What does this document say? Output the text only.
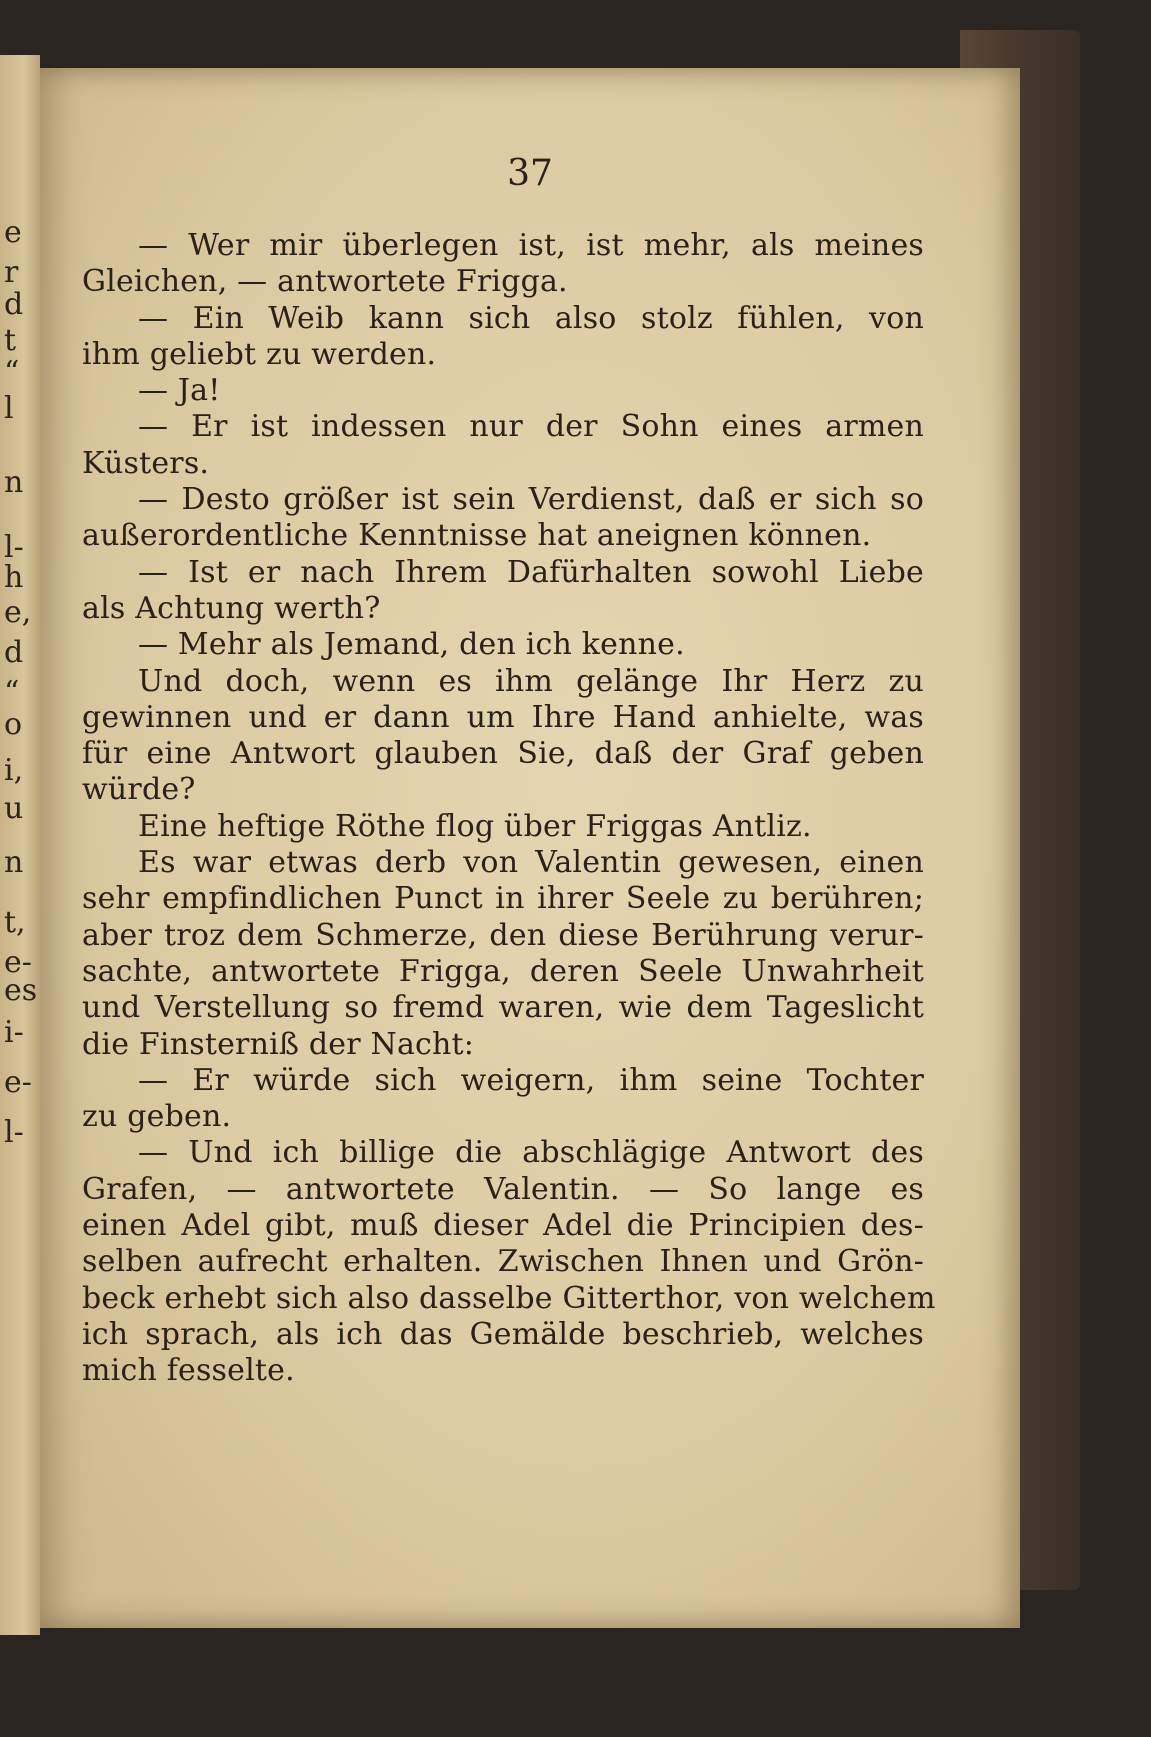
e
r
d
t
“
l
n
l-
h
e,
d
“
o
i,
u
n
t,
e-
es
i-
e-
l-
37
— Wer mir überlegen ist, ist mehr, als meines
Gleichen, — antwortete Frigga.
— Ein Weib kann sich also stolz fühlen, von
ihm geliebt zu werden.
— Ja!
— Er ist indessen nur der Sohn eines armen
Küsters.
— Desto größer ist sein Verdienst, daß er sich so
außerordentliche Kenntnisse hat aneignen können.
— Ist er nach Ihrem Dafürhalten sowohl Liebe
als Achtung werth?
— Mehr als Jemand, den ich kenne.
Und doch, wenn es ihm gelänge Ihr Herz zu
gewinnen und er dann um Ihre Hand anhielte, was
für eine Antwort glauben Sie, daß der Graf geben
würde?
Eine heftige Röthe flog über Friggas Antliz.
Es war etwas derb von Valentin gewesen, einen
sehr empfindlichen Punct in ihrer Seele zu berühren;
aber troz dem Schmerze, den diese Berührung verur-
sachte, antwortete Frigga, deren Seele Unwahrheit
und Verstellung so fremd waren, wie dem Tageslicht
die Finsterniß der Nacht:
— Er würde sich weigern, ihm seine Tochter
zu geben.
— Und ich billige die abschlägige Antwort des
Grafen, — antwortete Valentin. — So lange es
einen Adel gibt, muß dieser Adel die Principien des-
selben aufrecht erhalten. Zwischen Ihnen und Grön-
beck erhebt sich also dasselbe Gitterthor, von welchem
ich sprach, als ich das Gemälde beschrieb, welches
mich fesselte.
